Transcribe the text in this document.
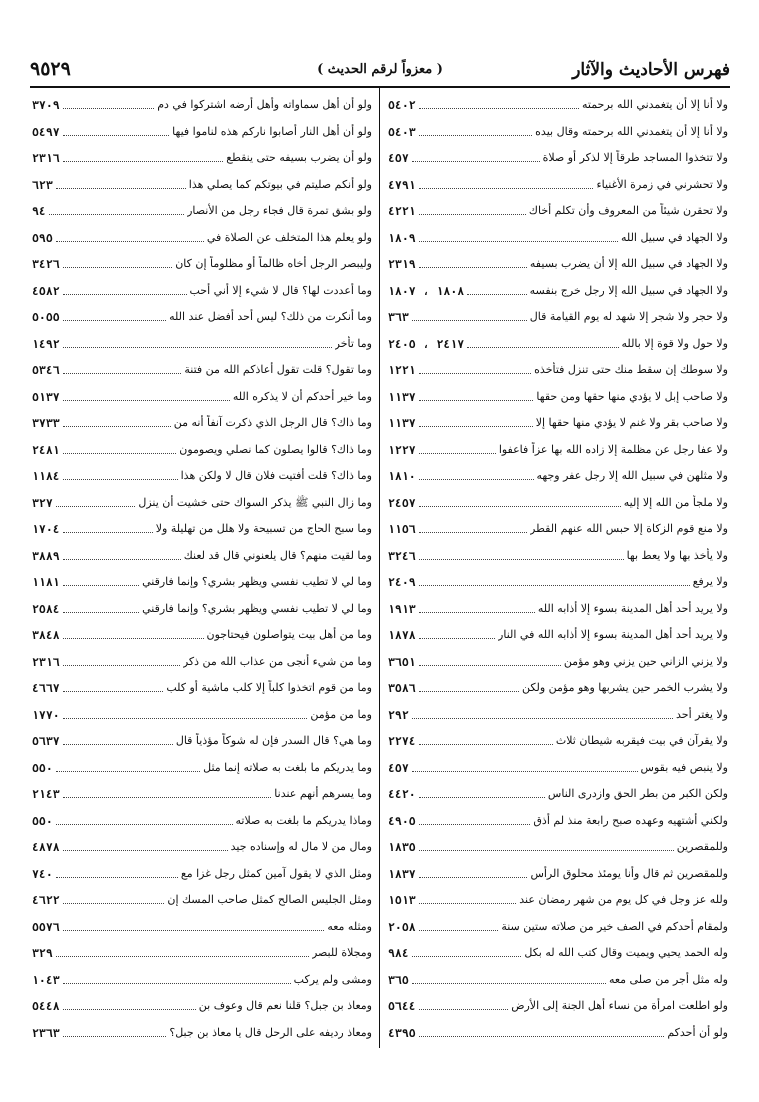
فهرس الأحاديث والآثار
( معزواً لرقم الحديث )
٩٥٢٩
ولا أنا إلا أن يتغمدني الله برحمته
٥٤٠٢
ولا أنا إلا أن يتغمدني الله برحمته وقال بيده
٥٤٠٣
ولا تتخذوا المساجد طرقاً إلا لذكر أو صلاة
٤٥٧
ولا تحشرني في زمرة الأغنياء
٤٧٩١
ولا تحقرن شيئاً من المعروف وأن تكلم أخاك
٤٢٢١
ولا الجهاد في سبيل الله
١٨٠٩
ولا الجهاد في سبيل الله إلا أن يضرب بسيفه
٢٣١٩
ولا الجهاد في سبيل الله إلا رجل خرج بنفسه
١٨٠٨ ، ١٨٠٧
ولا حجر ولا شجر إلا شهد له يوم القيامة قال
٣٦٣
ولا حول ولا قوة إلا بالله
٢٤١٧ ، ٢٤٠٥
ولا سوطك إن سقط منك حتى تنزل فتأخذه
١٢٢١
ولا صاحب إبل لا يؤدي منها حقها ومن حقها
١١٣٧
ولا صاحب بقر ولا غنم لا يؤدي منها حقها إلا
١١٣٧
ولا عفا رجل عن مظلمة إلا زاده الله بها عزاً فاعفوا
١٢٢٧
ولا مثلهن في سبيل الله إلا رجل عفر وجهه
١٨١٠
ولا ملجأ من الله إلا إليه
٢٤٥٧
ولا منع قوم الزكاة إلا حبس الله عنهم القطر
١١٥٦
ولا يأخذ بها ولا يعط بها
٣٢٤٦
ولا يرفع
٢٤٠٩
ولا يريد أحد أهل المدينة بسوء إلا أذابه الله
١٩١٣
ولا يريد أحد أهل المدينة بسوء إلا أذابه الله في النار
١٨٧٨
ولا يزني الزاني حين يزني وهو مؤمن
٣٦٥١
ولا يشرب الخمر حين يشربها وهو مؤمن ولكن
٣٥٨٦
ولا يغتر أحد
٢٩٢
ولا يقرآن في بيت فيقربه شيطان ثلاث
٢٢٧٤
ولا ينبص فيه بقوس
٤٥٧
ولكن الكبر من بطر الحق وازدرى الناس
٤٤٢٠
ولكني أشتهيه وعهده صبح رابعة منذ لم أذق
٤٩٠٥
وللمقصرين
١٨٣٥
وللمقصرين ثم قال وأنا يومئذ محلوق الرأس
١٨٣٧
ولله عز وجل في كل يوم من شهر رمضان عند
١٥١٣
ولمقام أحدكم في الصف خير من صلاته ستين سنة
٢٠٥٨
وله الحمد يحيي ويميت وقال كتب الله له بكل
٩٨٤
وله مثل أجر من صلى معه
٣٦٥
ولو اطلعت امرأة من نساء أهل الجنة إلى الأرض
٥٦٤٤
ولو أن أحدكم
٤٣٩٥
ولو أن أهل سماواته وأهل أرضه اشتركوا في دم
٣٧٠٩
ولو أن أهل النار أصابوا ناركم هذه لناموا فيها
٥٤٩٧
ولو أن يضرب بسيفه حتى ينقطع
٢٣١٦
ولو أنكم صليتم في بيوتكم كما يصلي هذا
٦٢٣
ولو بشق تمرة قال فجاء رجل من الأنصار
٩٤
ولو يعلم هذا المتخلف عن الصلاة في
٥٩٥
وليبصر الرجل أخاه ظالماً أو مظلوماً إن كان
٣٤٢٦
وما أعددت لها؟ قال لا شيء إلا أني أحب
٤٥٨٢
وما أنكرت من ذلك؟ ليس أحد أفضل عند الله
٥٠٥٥
وما تأخر
١٤٩٢
وما تقول؟ قلت تقول أعاذكم الله من فتنة
٥٣٤٦
وما خير أحدكم أن لا يذكره الله
٥١٣٧
وما ذاك؟ قال الرجل الذي ذكرت آنفاً أنه من
٣٧٣٣
وما ذاك؟ قالوا يصلون كما نصلي ويصومون
٢٤٨١
وما ذاك؟ قلت أفتيت فلان قال لا ولكن هذا
١١٨٤
وما زال النبي ﷺ يذكر السواك حتى خشيت أن ينزل
٣٢٧
وما سبح الحاج من تسبيحة ولا هلل من تهليلة ولا
١٧٠٤
وما لقيت منهم؟ قال يلعنوني قال قد لعنك
٣٨٨٩
وما لي لا تطيب نفسي ويظهر بشري؟ وإنما فارقني
١١٨١
وما لي لا تطيب نفسي ويظهر بشري؟ وإنما فارقني
٢٥٨٤
وما من أهل بيت يتواصلون فيحتاجون
٣٨٤٨
وما من شيء أنجى من عذاب الله من ذكر
٢٣١٦
وما من قوم اتخذوا كلباً إلا كلب ماشية أو كلب
٤٦٦٧
وما من مؤمن
١٧٧٠
وما هي؟ قال السدر فإن له شوكاً مؤذياً قال
٥٦٣٧
وما يدريكم ما بلغت به صلاته إنما مثل
٥٥٠
وما يسرهم أنهم عندنا
٢١٤٣
وماذا يدريكم ما بلغت به صلاته
٥٥٠
ومال من لا مال له وإسناده جيد
٤٨٧٨
ومثل الذي لا يقول آمين كمثل رجل غزا مع
٧٤٠
ومثل الجليس الصالح كمثل صاحب المسك إن
٤٦٢٢
ومثله معه
٥٥٧٦
ومجلاة للبصر
٣٢٩
ومشى ولم يركب
١٠٤٣
ومعاذ بن جبل؟ قلنا نعم قال وعوف بن
٥٤٤٨
ومعاذ رديفه على الرحل قال يا معاذ بن جبل؟
٢٣٦٣
